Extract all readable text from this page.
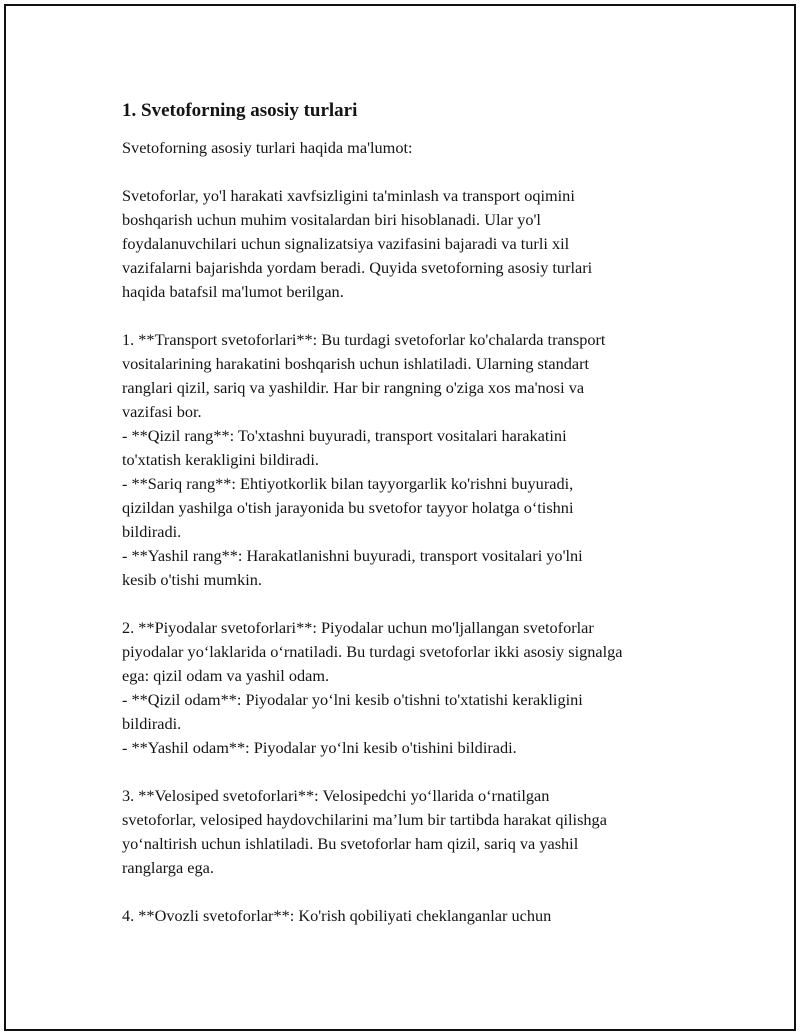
1. Svetoforning asosiy turlari

Svetoforning asosiy turlari haqida ma'lumot:

Svetoforlar, yo'l harakati xavfsizligini ta'minlash va transport oqimini
boshqarish uchun muhim vositalardan biri hisoblanadi. Ular yo'l
foydalanuvchilari uchun signalizatsiya vazifasini bajaradi va turli xil
vazifalarni bajarishda yordam beradi. Quyida svetoforning asosiy turlari
haqida batafsil ma'lumot berilgan.

1. **Transport svetoforlari**: Bu turdagi svetoforlar ko'chalarda transport
vositalarining harakatini boshqarish uchun ishlatiladi. Ularning standart
ranglari qizil, sariq va yashildir. Har bir rangning o'ziga xos ma'nosi va
vazifasi bor.
- **Qizil rang**: To'xtashni buyuradi, transport vositalari harakatini
to'xtatish kerakligini bildiradi.
- **Sariq rang**: Ehtiyotkorlik bilan tayyorgarlik ko'rishni buyuradi,
qizildan yashilga o'tish jarayonida bu svetofor tayyor holatga o‘tishni
bildiradi.
- **Yashil rang**: Harakatlanishni buyuradi, transport vositalari yo'lni
kesib o'tishi mumkin.

2. **Piyodalar svetoforlari**: Piyodalar uchun mo'ljallangan svetoforlar
piyodalar yo‘laklarida o‘rnatiladi. Bu turdagi svetoforlar ikki asosiy signalga
ega: qizil odam va yashil odam.
- **Qizil odam**: Piyodalar yo‘lni kesib o'tishni to'xtatishi kerakligini
bildiradi.
- **Yashil odam**: Piyodalar yo‘lni kesib o'tishini bildiradi.

3. **Velosiped svetoforlari**: Velosipedchi yo‘llarida o‘rnatilgan
svetoforlar, velosiped haydovchilarini ma’lum bir tartibda harakat qilishga
yo‘naltirish uchun ishlatiladi. Bu svetoforlar ham qizil, sariq va yashil
ranglarga ega.

4. **Ovozli svetoforlar**: Ko'rish qobiliyati cheklanganlar uchun
